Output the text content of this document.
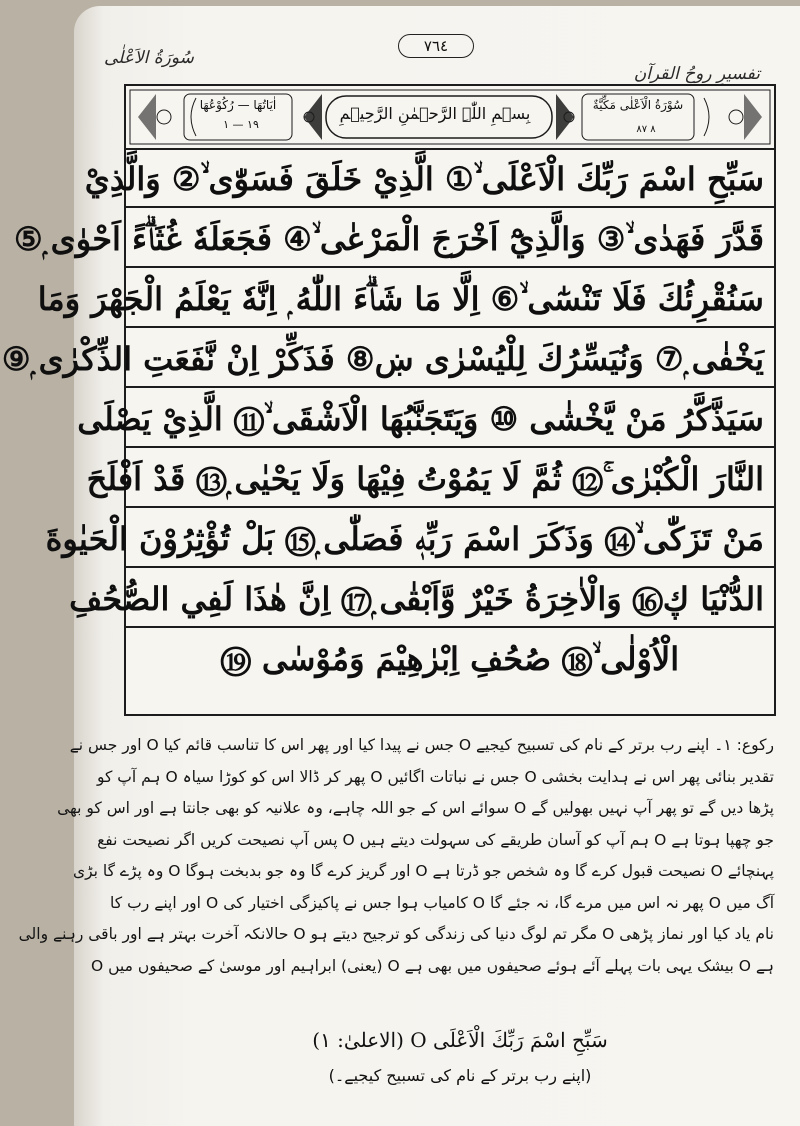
سُورَةُ الاَعْلٰى
تفسیرِ روحُ القرآن
٧٦٤
بِسۡمِ اللّٰہِ الرَّحۡمٰنِ الرَّحِیۡمِ	سُوْرَةُ الْاَعْلٰى مَكِّيَّةٌ
٨ ٨٧
اٰيَاتُهَا — رُكُوْعُهَا
١٩ — ١
سَبِّحِ اسْمَ رَبِّكَ الْاَعْلَى ۙ① الَّذِيْ خَلَقَ فَسَوّٰى ۙ② وَالَّذِيْ
قَدَّرَ فَهَدٰى ۙ③ وَالَّذِيْٓ اَخْرَجَ الْمَرْعٰى ۙ④ فَجَعَلَهٗ غُثَاۗءً اَحْوٰى ۭ⑤
سَنُقْرِئُكَ فَلَا تَنْسٰٓى ۙ⑥ اِلَّا مَا شَاۗءَ اللّٰهُ ۭ اِنَّهٗ يَعْلَمُ الْجَهْرَ وَمَا
يَخْفٰى ۭ⑦ وَنُيَسِّرُكَ لِلْيُسْرٰى ښ⑧ فَذَكِّرْ اِنْ نَّفَعَتِ الذِّكْرٰى ۭ⑨
سَيَذَّكَّرُ مَنْ يَّخْشٰى ⑩ وَيَتَجَنَّبُهَا الْاَشْقَى ۙ⑪ الَّذِيْ يَصْلَى
النَّارَ الْكُبْرٰى ۚ⑫ ثُمَّ لَا يَمُوْتُ فِيْهَا وَلَا يَحْيٰى ۭ⑬ قَدْ اَفْلَحَ
مَنْ تَزَكّٰى ۙ⑭ وَذَكَرَ اسْمَ رَبِّهٖ فَصَلّٰى ۭ⑮ بَلْ تُؤْثِرُوْنَ الْحَيٰوةَ
الدُّنْيَا ڮ⑯ وَالْاٰخِرَةُ خَيْرٌ وَّاَبْقٰى ۭ⑰ اِنَّ هٰذَا لَفِي الصُّحُفِ
الْاُوْلٰى ۙ⑱ صُحُفِ اِبْرٰهِيْمَ وَمُوْسٰى ⑲
رکوع: ۱۔ اپنے رب برتر کے نام کی تسبیح کیجیے O جس نے پیدا کیا اور پھر اس کا تناسب قائم کیا O اور جس نے
تقدیر بنائی پھر اس نے ہدایت بخشی O جس نے نباتات اگائیں O پھر کر ڈالا اس کو کوڑا سیاہ O ہم آپ کو
پڑھا دیں گے تو پھر آپ نہیں بھولیں گے O سوائے اس کے جو اللہ چاہے، وہ علانیہ کو بھی جانتا ہے اور اس کو بھی
جو چھپا ہوتا ہے O ہم آپ کو آسان طریقے کی سہولت دیتے ہیں O پس آپ نصیحت کریں اگر نصیحت نفع
پہنچائے O نصیحت قبول کرے گا وہ شخص جو ڈرتا ہے O اور گریز کرے گا وہ جو بدبخت ہوگا O وہ پڑے گا بڑی
آگ میں O پھر نہ اس میں مرے گا، نہ جئے گا O کامیاب ہوا جس نے پاکیزگی اختیار کی O اور اپنے رب کا
نام یاد کیا اور نماز پڑھی O مگر تم لوگ دنیا کی زندگی کو ترجیح دیتے ہو O حالانکہ آخرت بہتر ہے اور باقی رہنے والی
ہے O بیشک یہی بات پہلے آئے ہوئے صحیفوں میں بھی ہے O (یعنی) ابراہیم اور موسیٰ کے صحیفوں میں O
سَبِّحِ اسْمَ رَبِّكَ الْاَعْلَى O (الاعلیٰ: ۱)
(اپنے رب برتر کے نام کی تسبیح کیجیے۔)
